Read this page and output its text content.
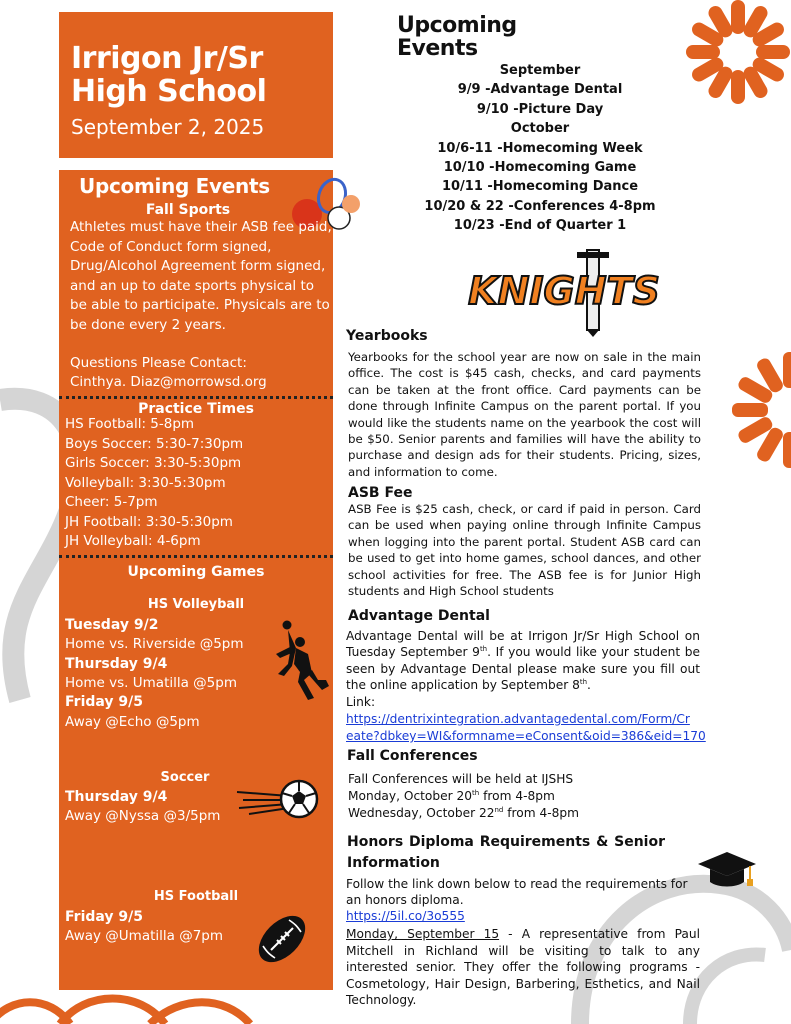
Irrigon Jr/Sr
High School
September 2, 2025
Upcoming Events
Fall Sports
Athletes must have their ASB fee paid, Code of Conduct form signed, Drug/Alcohol Agreement form signed, and an up to date sports physical to be able to participate. Physicals are to be done every 2 years.
Questions Please Contact:
Cinthya. Diaz@morrowsd.org
Practice Times
HS Football: 5-8pm
Boys Soccer: 5:30-7:30pm
Girls Soccer: 3:30-5:30pm
Volleyball: 3:30-5:30pm
Cheer: 5-7pm
JH Football: 3:30-5:30pm
JH Volleyball: 4-6pm
Upcoming Games
HS Volleyball
Tuesday 9/2
Home vs. Riverside @5pm
Thursday 9/4
Home vs. Umatilla @5pm
Friday 9/5
Away @Echo @5pm
Soccer
Thursday 9/4
Away @Nyssa @3/5pm
HS Football
Friday 9/5
Away @Umatilla @7pm
Upcoming
Events
September
9/9 -Advantage Dental
9/10 -Picture Day
October
10/6-11 -Homecoming Week
10/10 -Homecoming Game
10/11 -Homecoming Dance
10/20 & 22 -Conferences 4-8pm
10/23 -End of Quarter 1
KNIGHTS
Yearbooks
Yearbooks for the school year are now on sale in the main office. The cost is $45 cash, checks, and card payments can be taken at the front office. Card payments can be done through Infinite Campus on the parent portal. If you would like the students name on the yearbook the cost will be $50. Senior parents and families will have the ability to purchase and design ads for their students. Pricing, sizes, and information to come.
ASB Fee
ASB Fee is $25 cash, check, or card if paid in person. Card can be used when paying online through Infinite Campus when logging into the parent portal. Student ASB card can be used to get into home games, school dances, and other school activities for free. The ASB fee is for Junior High students and High School students
Advantage Dental
Advantage Dental will be at Irrigon Jr/Sr High School on Tuesday September 9th. If you would like your student be seen by Advantage Dental please make sure you fill out the online application by September 8th.
Link:
https://dentrixintegration.advantagedental.com/Form/Cr
eate?dbkey=WI&formname=eConsent&oid=386&eid=170
Fall Conferences
Fall Conferences will be held at IJSHS
Monday, October 20th from 4-8pm
Wednesday, October 22nd from 4-8pm
Honors Diploma Requirements & Senior Information
Follow the link down below to read the requirements for an honors diploma.
https://5il.co/3o555
Monday, September 15 - A representative from Paul Mitchell in Richland will be visiting to talk to any interested senior. They offer the following programs - Cosmetology, Hair Design, Barbering, Esthetics, and Nail Technology.
